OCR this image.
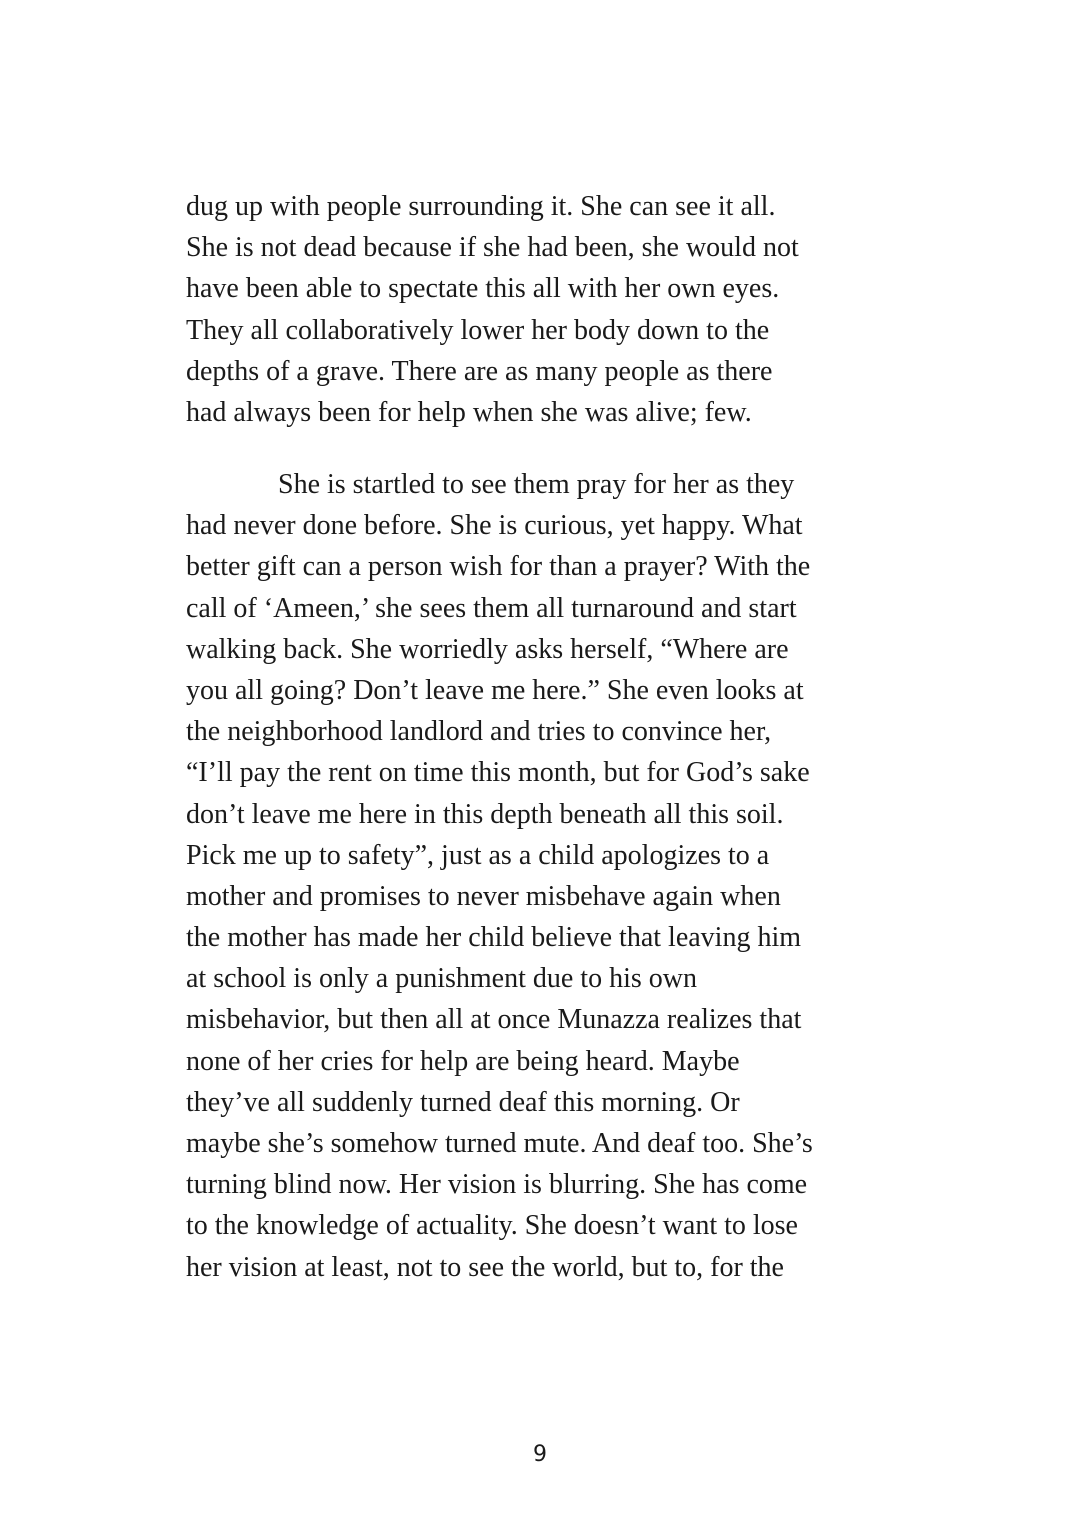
dug up with people surrounding it. She can see it all.
She is not dead because if she had been, she would not
have been able to spectate this all with her own eyes.
They all collaboratively lower her body down to the
depths of a grave. There are as many people as there
had always been for help when she was alive; few.
She is startled to see them pray for her as they
had never done before. She is curious, yet happy. What
better gift can a person wish for than a prayer? With the
call of ‘Ameen,’ she sees them all turnaround and start
walking back. She worriedly asks herself, “Where are
you all going? Don’t leave me here.” She even looks at
the neighborhood landlord and tries to convince her,
“I’ll pay the rent on time this month, but for God’s sake
don’t leave me here in this depth beneath all this soil.
Pick me up to safety”, just as a child apologizes to a
mother and promises to never misbehave again when
the mother has made her child believe that leaving him
at school is only a punishment due to his own
misbehavior, but then all at once Munazza realizes that
none of her cries for help are being heard. Maybe
they’ve all suddenly turned deaf this morning. Or
maybe she’s somehow turned mute. And deaf too. She’s
turning blind now. Her vision is blurring. She has come
to the knowledge of actuality. She doesn’t want to lose
her vision at least, not to see the world, but to, for the
9
